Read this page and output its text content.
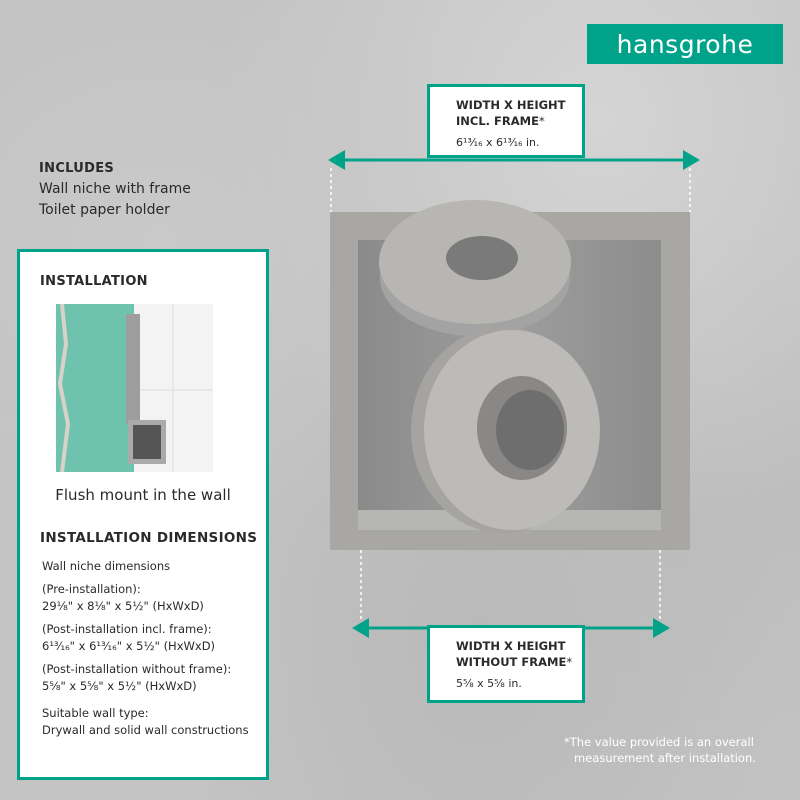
hansgrohe
INCLUDES
Wall niche with frame
Toilet paper holder
INSTALLATION
Flush mount in the wall
INSTALLATION DIMENSIONS

Wall niche dimensions

(Pre-installation):

29⅛" x 8⅛" x 5½" (HxWxD)

(Post-installation incl. frame):

6¹³⁄₁₆" x 6¹³⁄₁₆" x 5½" (HxWxD)

(Post-installation without frame):

5⅝" x 5⅝" x 5½" (HxWxD)

Suitable wall type:

Drywall and solid wall constructions

WIDTH X HEIGHT
INCL. FRAME*
6¹³⁄₁₆ x 6¹³⁄₁₆ in.
WIDTH X HEIGHT
WITHOUT FRAME*
5⅝ x 5⅝ in.
*The value provided is an overall
measurement after installation.
